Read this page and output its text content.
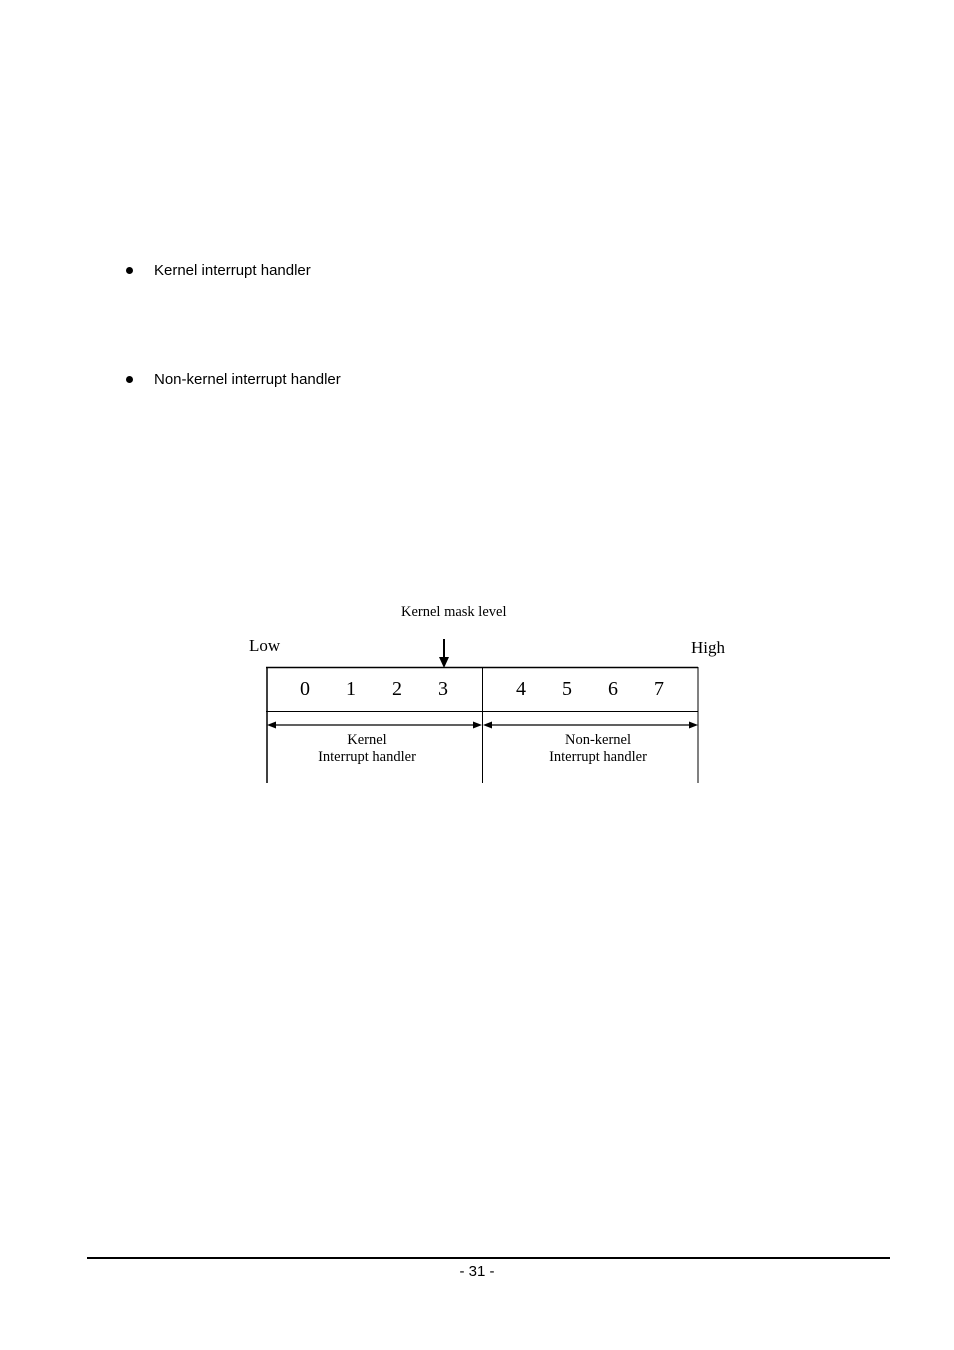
Kernel interrupt handler
Non-kernel interrupt handler
Kernel mask level
Low	High
0 1 2 3	4 5 6 7
Kernel
Interrupt handler
Non-kernel
Interrupt handler
- 31 -
